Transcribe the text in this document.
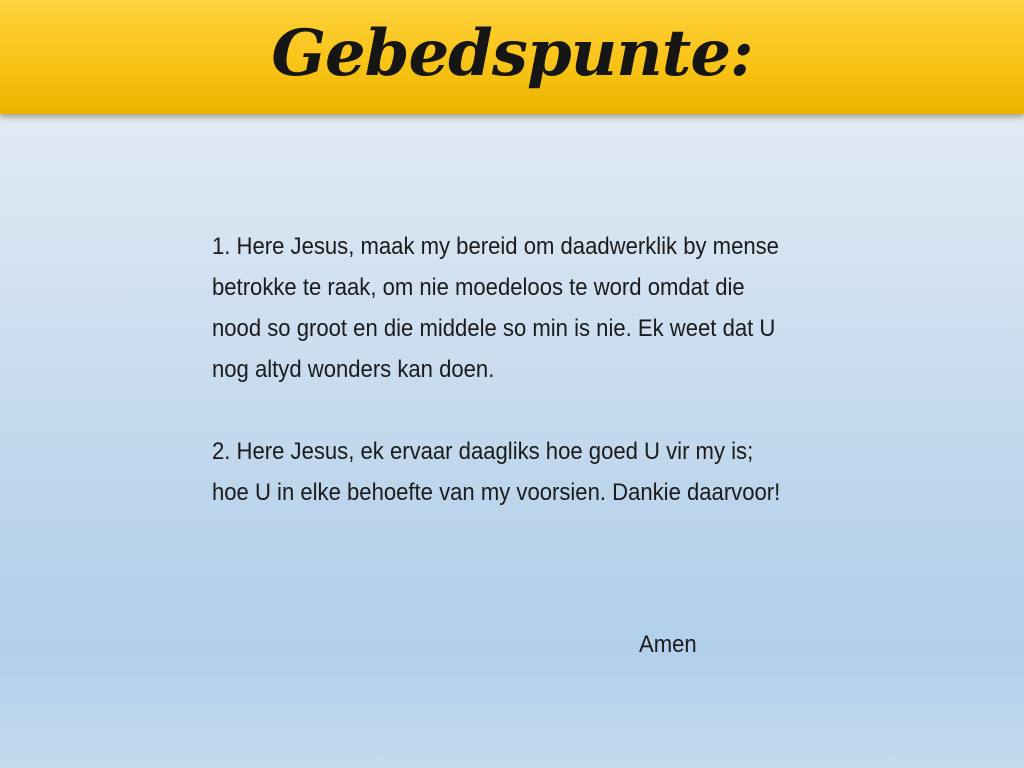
Gebedspunte:

1. Here Jesus, maak my bereid om daadwerklik by mense betrokke te raak, om nie moedeloos te word omdat die nood so groot en die middele so min is nie. Ek weet dat U nog altyd wonders kan doen.

2. Here Jesus, ek ervaar daagliks hoe goed U vir my is; hoe U in elke behoefte van my voorsien. Dankie daarvoor!

Amen
